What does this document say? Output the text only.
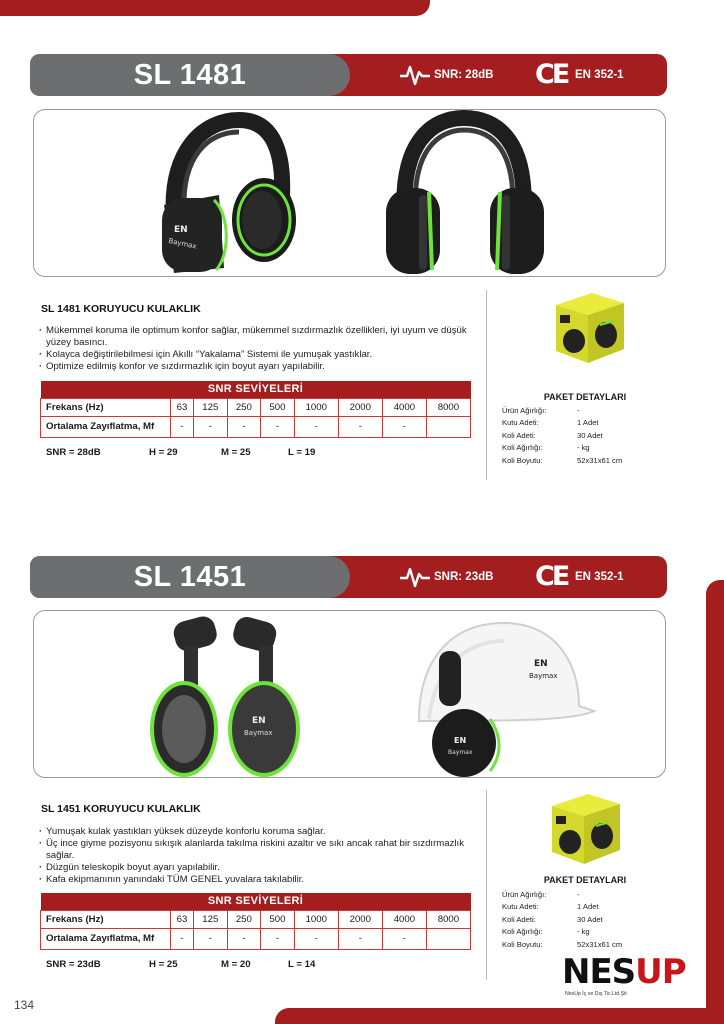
SL 1481	SNR: 28dB CE EN 352-1
EN
Baymax
SL 1481 KORUYUCU KULAKLIK
· Mükemmel koruma ile optimum konfor sağlar, mükemmel sızdırmazlık özellikleri, iyi uyum ve düşük yüzey basıncı.
· Kolayca değiştirilebilmesi için Akıllı “Yakalama” Sistemi ile yumuşak yastıklar.
· Optimize edilmiş konfor ve sızdırmazlık için boyut ayarı yapılabilir.
SNR SEVİYELERİ								
Frekans (Hz)	63	125	250	500	1000	2000	4000	8000
Ortalama Zayıflatma, Mf	-	-	-	-	-	-	-	
SNR = 28dB	H = 29	M = 25	L = 19
PAKET DETAYLARI
Ürün Ağırlığı:	-
Kutu Adeti:	1 Adet
Koli Adeti:	30 Adet
Koli Ağırlığı:	- kg
Koli Boyutu:	52x31x61 cm
SL 1451	SNR: 23dB CE EN 352-1
EN
Baymax
EN
Baymax
EN
Baymax
SL 1451 KORUYUCU KULAKLIK
· Yumuşak kulak yastıkları yüksek düzeyde konforlu koruma sağlar.
· Üç ince giyme pozisyonu sıkışık alanlarda takılma riskini azaltır ve sıkı ancak rahat bir sızdırmazlık sağlar.
· Düzgün teleskopik boyut ayarı yapılabilir.
· Kafa ekipmanının yanındaki TÜM GENEL yuvalara takılabilir.
SNR SEVİYELERİ								
Frekans (Hz)	63	125	250	500	1000	2000	4000	8000
Ortalama Zayıflatma, Mf	-	-	-	-	-	-	-	
SNR = 23dB	H = 25	M = 20	L = 14
PAKET DETAYLARI
Ürün Ağırlığı:	-
Kutu Adeti:	1 Adet
Koli Adeti:	30 Adet
Koli Ağırlığı:	- kg
Koli Boyutu:	52x31x61 cm
134
NESUP
NesUp İç ve Dış Tic.Ltd.Şti
